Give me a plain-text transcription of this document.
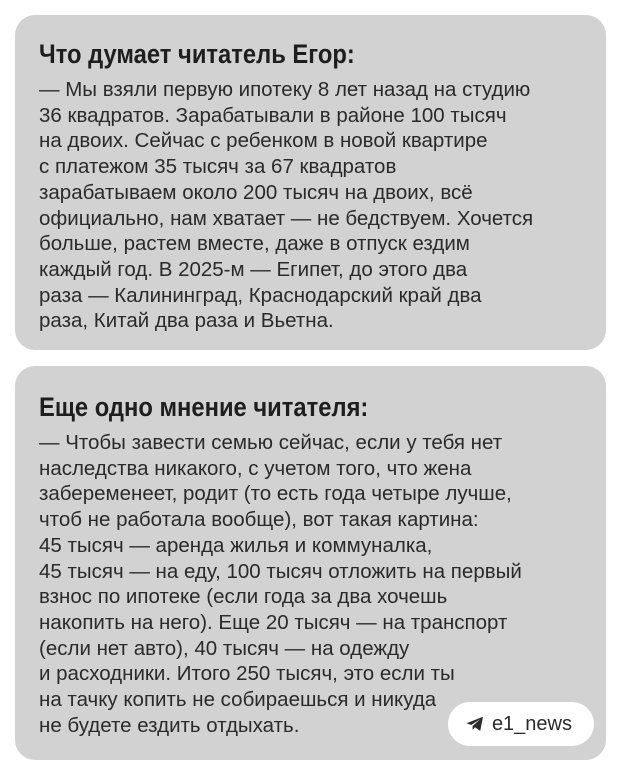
Что думает читатель Егор:
— Мы взяли первую ипотеку 8 лет назад на студию
36 квадратов. Зарабатывали в районе 100 тысяч
на двоих. Сейчас с ребенком в новой квартире
с платежом 35 тысяч за 67 квадратов
зарабатываем около 200 тысяч на двоих, всё
официально, нам хватает — не бедствуем. Хочется
больше, растем вместе, даже в отпуск ездим
каждый год. В 2025-м — Египет, до этого два
раза — Калининград, Краснодарский край два
раза, Китай два раза и Вьетна.
Еще одно мнение читателя:
— Чтобы завести семью сейчас, если у тебя нет
наследства никакого, с учетом того, что жена
забеременеет, родит (то есть года четыре лучше,
чтоб не работала вообще), вот такая картина:
45 тысяч — аренда жилья и коммуналка,
45 тысяч — на еду, 100 тысяч отложить на первый
взнос по ипотеке (если года за два хочешь
накопить на него). Еще 20 тысяч — на транспорт
(если нет авто), 40 тысяч — на одежду
и расходники. Итого 250 тысяч, это если ты
на тачку копить не собираешься и никуда
не будете ездить отдыхать.	e1_news
